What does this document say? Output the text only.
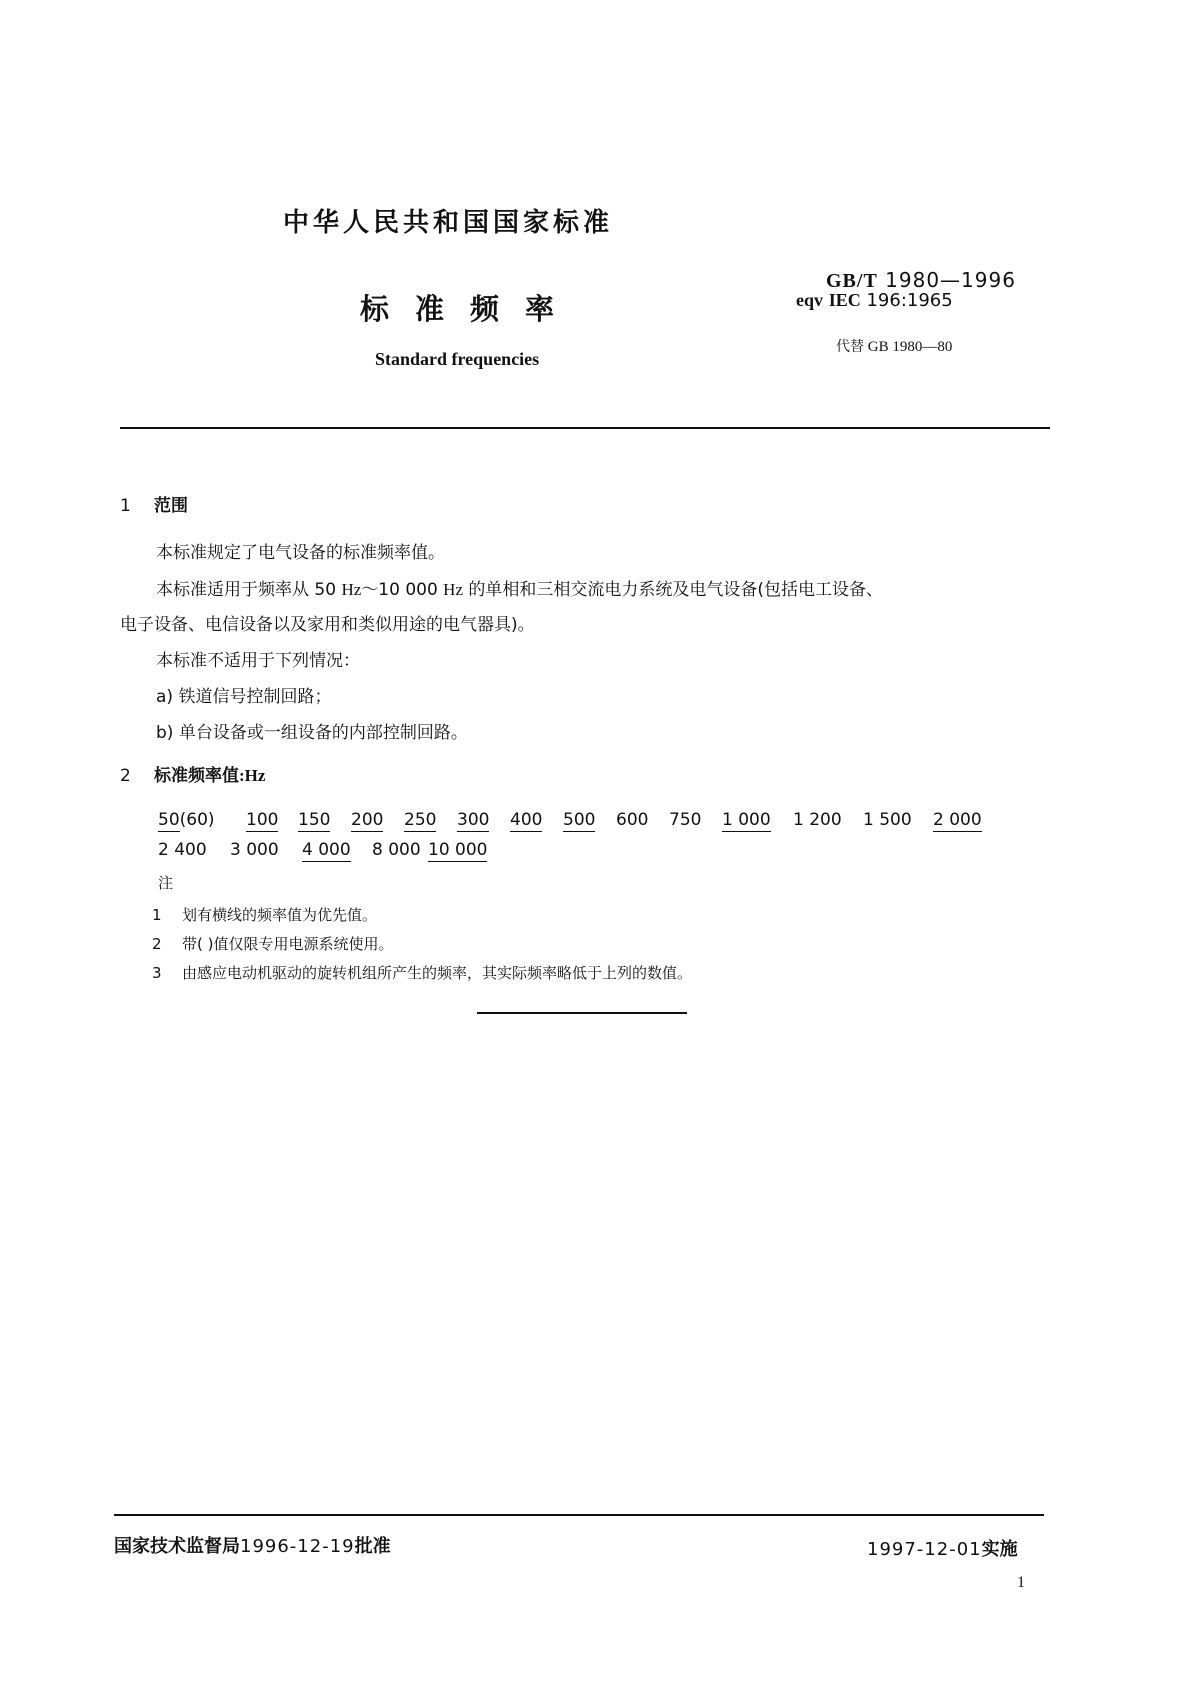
中华人民共和国国家标准
标 准 频 率
Standard frequencies
GB/T 1980—1996
eqv IEC 196:1965
代替 GB 1980—80
1 范围
本标准规定了电气设备的标准频率值。
本标准适用于频率从 50 Hz～10 000 Hz 的单相和三相交流电力系统及电气设备(包括电工设备、
电子设备、电信设备以及家用和类似用途的电气器具)。
本标准不适用于下列情况：
a) 铁道信号控制回路；
b) 单台设备或一组设备的内部控制回路。
2 标准频率值:Hz
50(60) 100 150 200 250 300 400 500 600 750 1 000 1 200 1 500 2 000
2 400 3 000 4 000 8 000 10 000
注
1 划有横线的频率值为优先值。
2 带( )值仅限专用电源系统使用。
3 由感应电动机驱动的旋转机组所产生的频率，其实际频率略低于上列的数值。
国家技术监督局1996-12-19批准	1997-12-01实施
1
